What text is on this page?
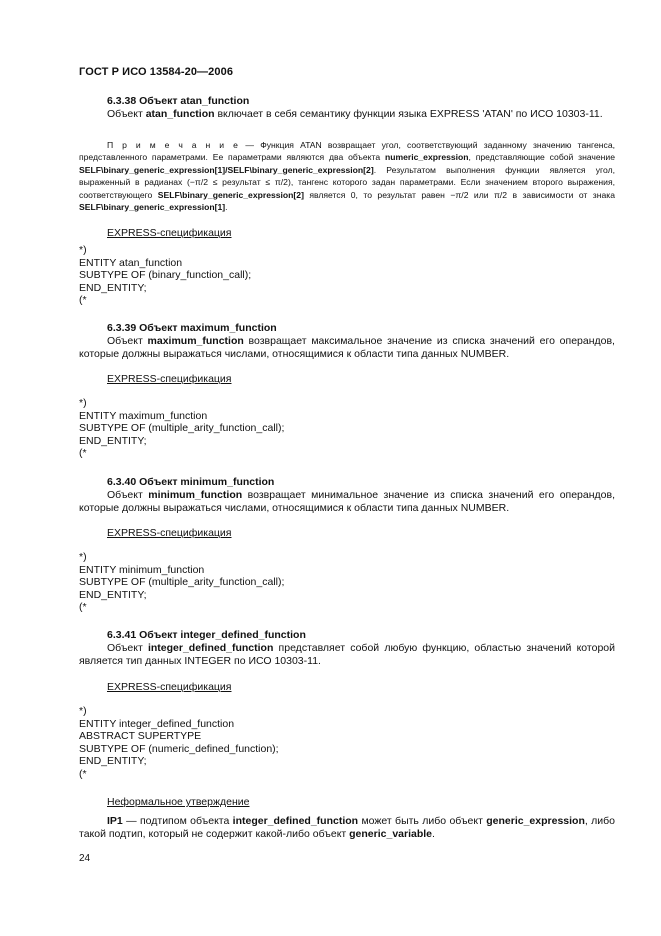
ГОСТ Р ИСО 13584-20—2006
6.3.38 Объект atan_function
Объект atan_function включает в себя семантику функции языка EXPRESS 'ATAN' по ИСО 10303-11.
П р и м е ч а н и е — Функция ATAN возвращает угол, соответствующий заданному значению тангенса, представленного параметрами. Ее параметрами являются два объекта numeric_expression, представляющие собой значение SELF\binary_generic_expression[1]/SELF\binary_generic_expression[2]. Результатом выполнения функции является угол, выраженный в радианах (−π/2 ≤ результат ≤ π/2), тангенс которого задан параметрами. Если значением второго выражения, соответствующего SELF\binary_generic_expression[2] является 0, то результат равен −π/2 или π/2 в зависимости от знака SELF\binary_generic_expression[1].
EXPRESS-спецификация
*)
ENTITY atan_function
SUBTYPE OF (binary_function_call);
END_ENTITY;
(*
6.3.39 Объект maximum_function
Объект maximum_function возвращает максимальное значение из списка значений его операндов, которые должны выражаться числами, относящимися к области типа данных NUMBER.
EXPRESS-спецификация
*)
ENTITY maximum_function
SUBTYPE OF (multiple_arity_function_call);
END_ENTITY;
(*
6.3.40 Объект minimum_function
Объект minimum_function возвращает минимальное значение из списка значений его операндов, которые должны выражаться числами, относящимися к области типа данных NUMBER.
EXPRESS-спецификация
*)
ENTITY minimum_function
SUBTYPE OF (multiple_arity_function_call);
END_ENTITY;
(*
6.3.41 Объект integer_defined_function
Объект integer_defined_function представляет собой любую функцию, областью значений которой является тип данных INTEGER по ИСО 10303-11.
EXPRESS-спецификация
*)
ENTITY integer_defined_function
ABSTRACT SUPERTYPE
SUBTYPE OF (numeric_defined_function);
END_ENTITY;
(*
Неформальное утверждение
IP1 — подтипом объекта integer_defined_function может быть либо объект generic_expression, либо такой подтип, который не содержит какой-либо объект generic_variable.
24
